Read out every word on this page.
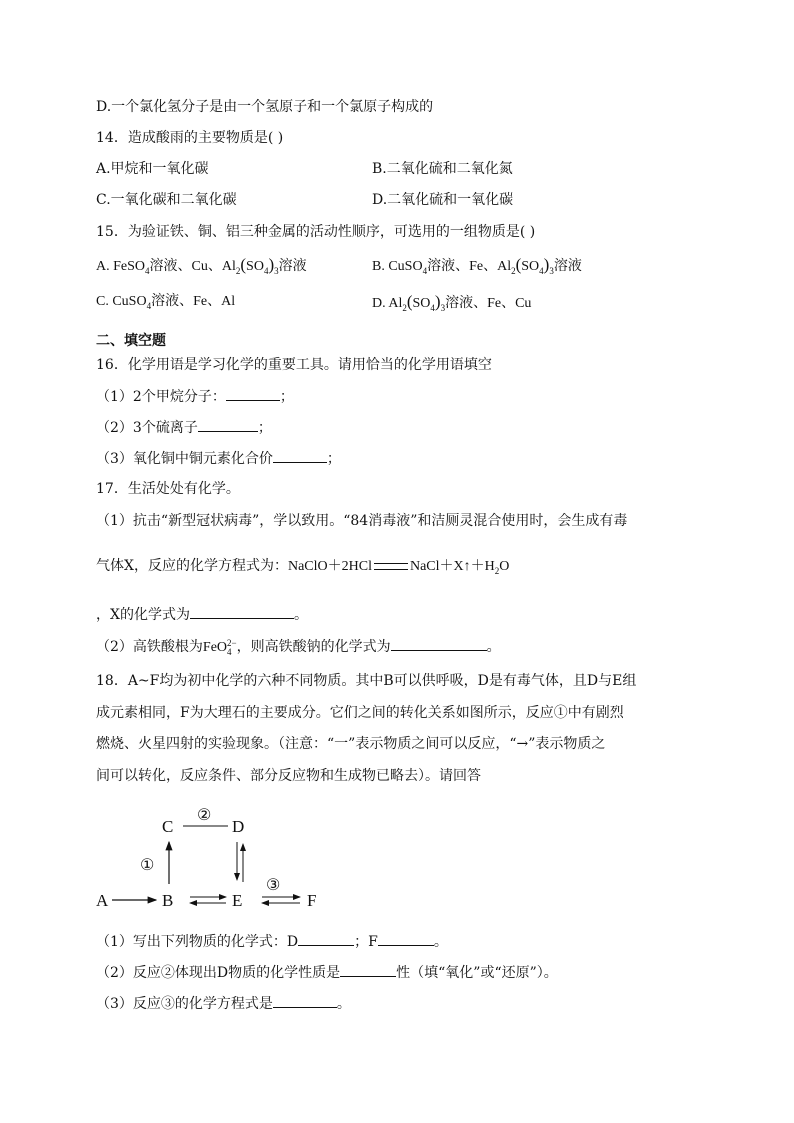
D.一个氯化氢分子是由一个氢原子和一个氯原子构成的
14．造成酸雨的主要物质是( )
A.甲烷和一氧化碳	B.二氧化硫和二氧化氮
C.一氧化碳和二氧化碳	D.二氧化硫和一氧化碳
15．为验证铁、铜、铝三种金属的活动性顺序，可选用的一组物质是( )
A. FeSO$_4$溶液、Cu、$Al_2(SO_4)_3$溶液	B. CuSO$_4$溶液、Fe、$Al_2(SO_4)_3$溶液
C. CuSO$_4$溶液、Fe、Al	D. $Al_2(SO_4)_3$溶液、Fe、Cu
二、填空题
16．化学用语是学习化学的重要工具。请用恰当的化学用语填空
（1）2个甲烷分子：	；
（2）3个硫离子	；
（3）氧化铜中铜元素化合价	；
17．生活处处有化学。
（1）抗击“新型冠状病毒”，学以致用。“84消毒液”和洁厕灵混合使用时，会生成有毒
气体X，反应的化学方程式为：NaClO＋2HCl	$NaCl+X↑+H_2O$
，X的化学式为	。
（2）高铁酸根为FeO 2−
4 ，则高铁酸钠的化学式为	。
18．A~F均为初中化学的六种不同物质。其中B可以供呼吸，D是有毒气体，且D与E组
成元素相同，F为大理石的主要成分。它们之间的转化关系如图所示，反应①中有剧烈
燃烧、火星四射的实验现象。（注意：“一”表示物质之间可以反应，“→”表示物质之
间可以转化，反应条件、部分反应物和生成物已略去）。请回答
C	D
A	B	E	F
②
①
③
（1）写出下列物质的化学式：D	；F	。
（2）反应②体现出D物质的化学性质是	性（填“氧化”或“还原”）。
（3）反应③的化学方程式是	。
